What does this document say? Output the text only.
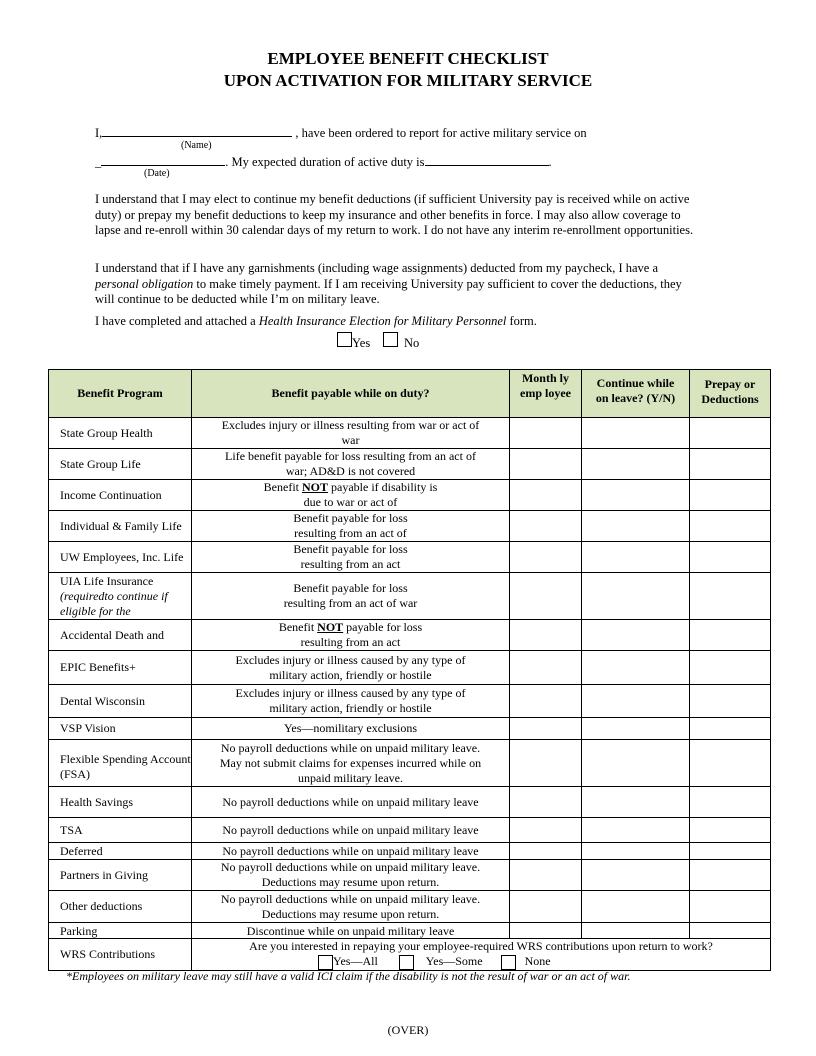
EMPLOYEE BENEFIT CHECKLIST
UPON ACTIVATION FOR MILITARY SERVICE
I,	, have been ordered to report for active military service on
(Name)
_	. My expected duration of active duty is	.
(Date)
I understand that I may elect to continue my benefit deductions (if sufficient University pay is received while on active duty) or prepay my benefit deductions to keep my insurance and other benefits in force. I may also allow coverage to lapse and re-enroll within 30 calendar days of my return to work. I do not have any interim re-enrollment opportunities.
I understand that if I have any garnishments (including wage assignments) deducted from my paycheck, I have a personal obligation to make timely payment. If I am receiving University pay sufficient to cover the deductions, they will continue to be deducted while I’m on military leave.
I have completed and attached a Health Insurance Election for Military Personnel form.
Yes	No
Benefit Program	Benefit payable while on duty?	Month ly emp loyee	Continue while on leave? (Y/N)	Prepay or Deductions

State Group Health	Excludes injury or illness resulting from war or act of war			

State Group Life	Life benefit payable for loss resulting from an act of war; AD&D is not covered			

Income Continuation	Benefit NOT payable if disability is due to war or act of			

Individual & Family Life	Benefit payable for loss resulting from an act of			

UW Employees, Inc. Life	Benefit payable for loss resulting from an act			

UIA Life Insurance
(requiredto continue if eligible for the	Benefit payable for loss resulting from an act of war			

Accidental Death and	Benefit NOT payable for loss resulting from an act			

EPIC Benefits+	Excludes injury or illness caused by any type of military action, friendly or hostile			

Dental Wisconsin	Excludes injury or illness caused by any type of military action, friendly or hostile			

VSP Vision	Yes—nomilitary exclusions			

Flexible Spending Account (FSA)	No payroll deductions while on unpaid military leave. May not submit claims for expenses incurred while on unpaid military leave.			

Health Savings	No payroll deductions while on unpaid military leave			

TSA	No payroll deductions while on unpaid military leave			

Deferred	No payroll deductions while on unpaid military leave			

Partners in Giving	No payroll deductions while on unpaid military leave. Deductions may resume upon return.			

Other deductions	No payroll deductions while on unpaid military leave. Deductions may resume upon return.			

Parking	Discontinue while on unpaid military leave			

WRS Contributions	Are you interested in repaying your employee-required WRS contributions upon return to work?
Yes—All Yes—Some None			
*Employees on military leave may still have a valid ICI claim if the disability is not the result of war or an act of war.
(OVER)
